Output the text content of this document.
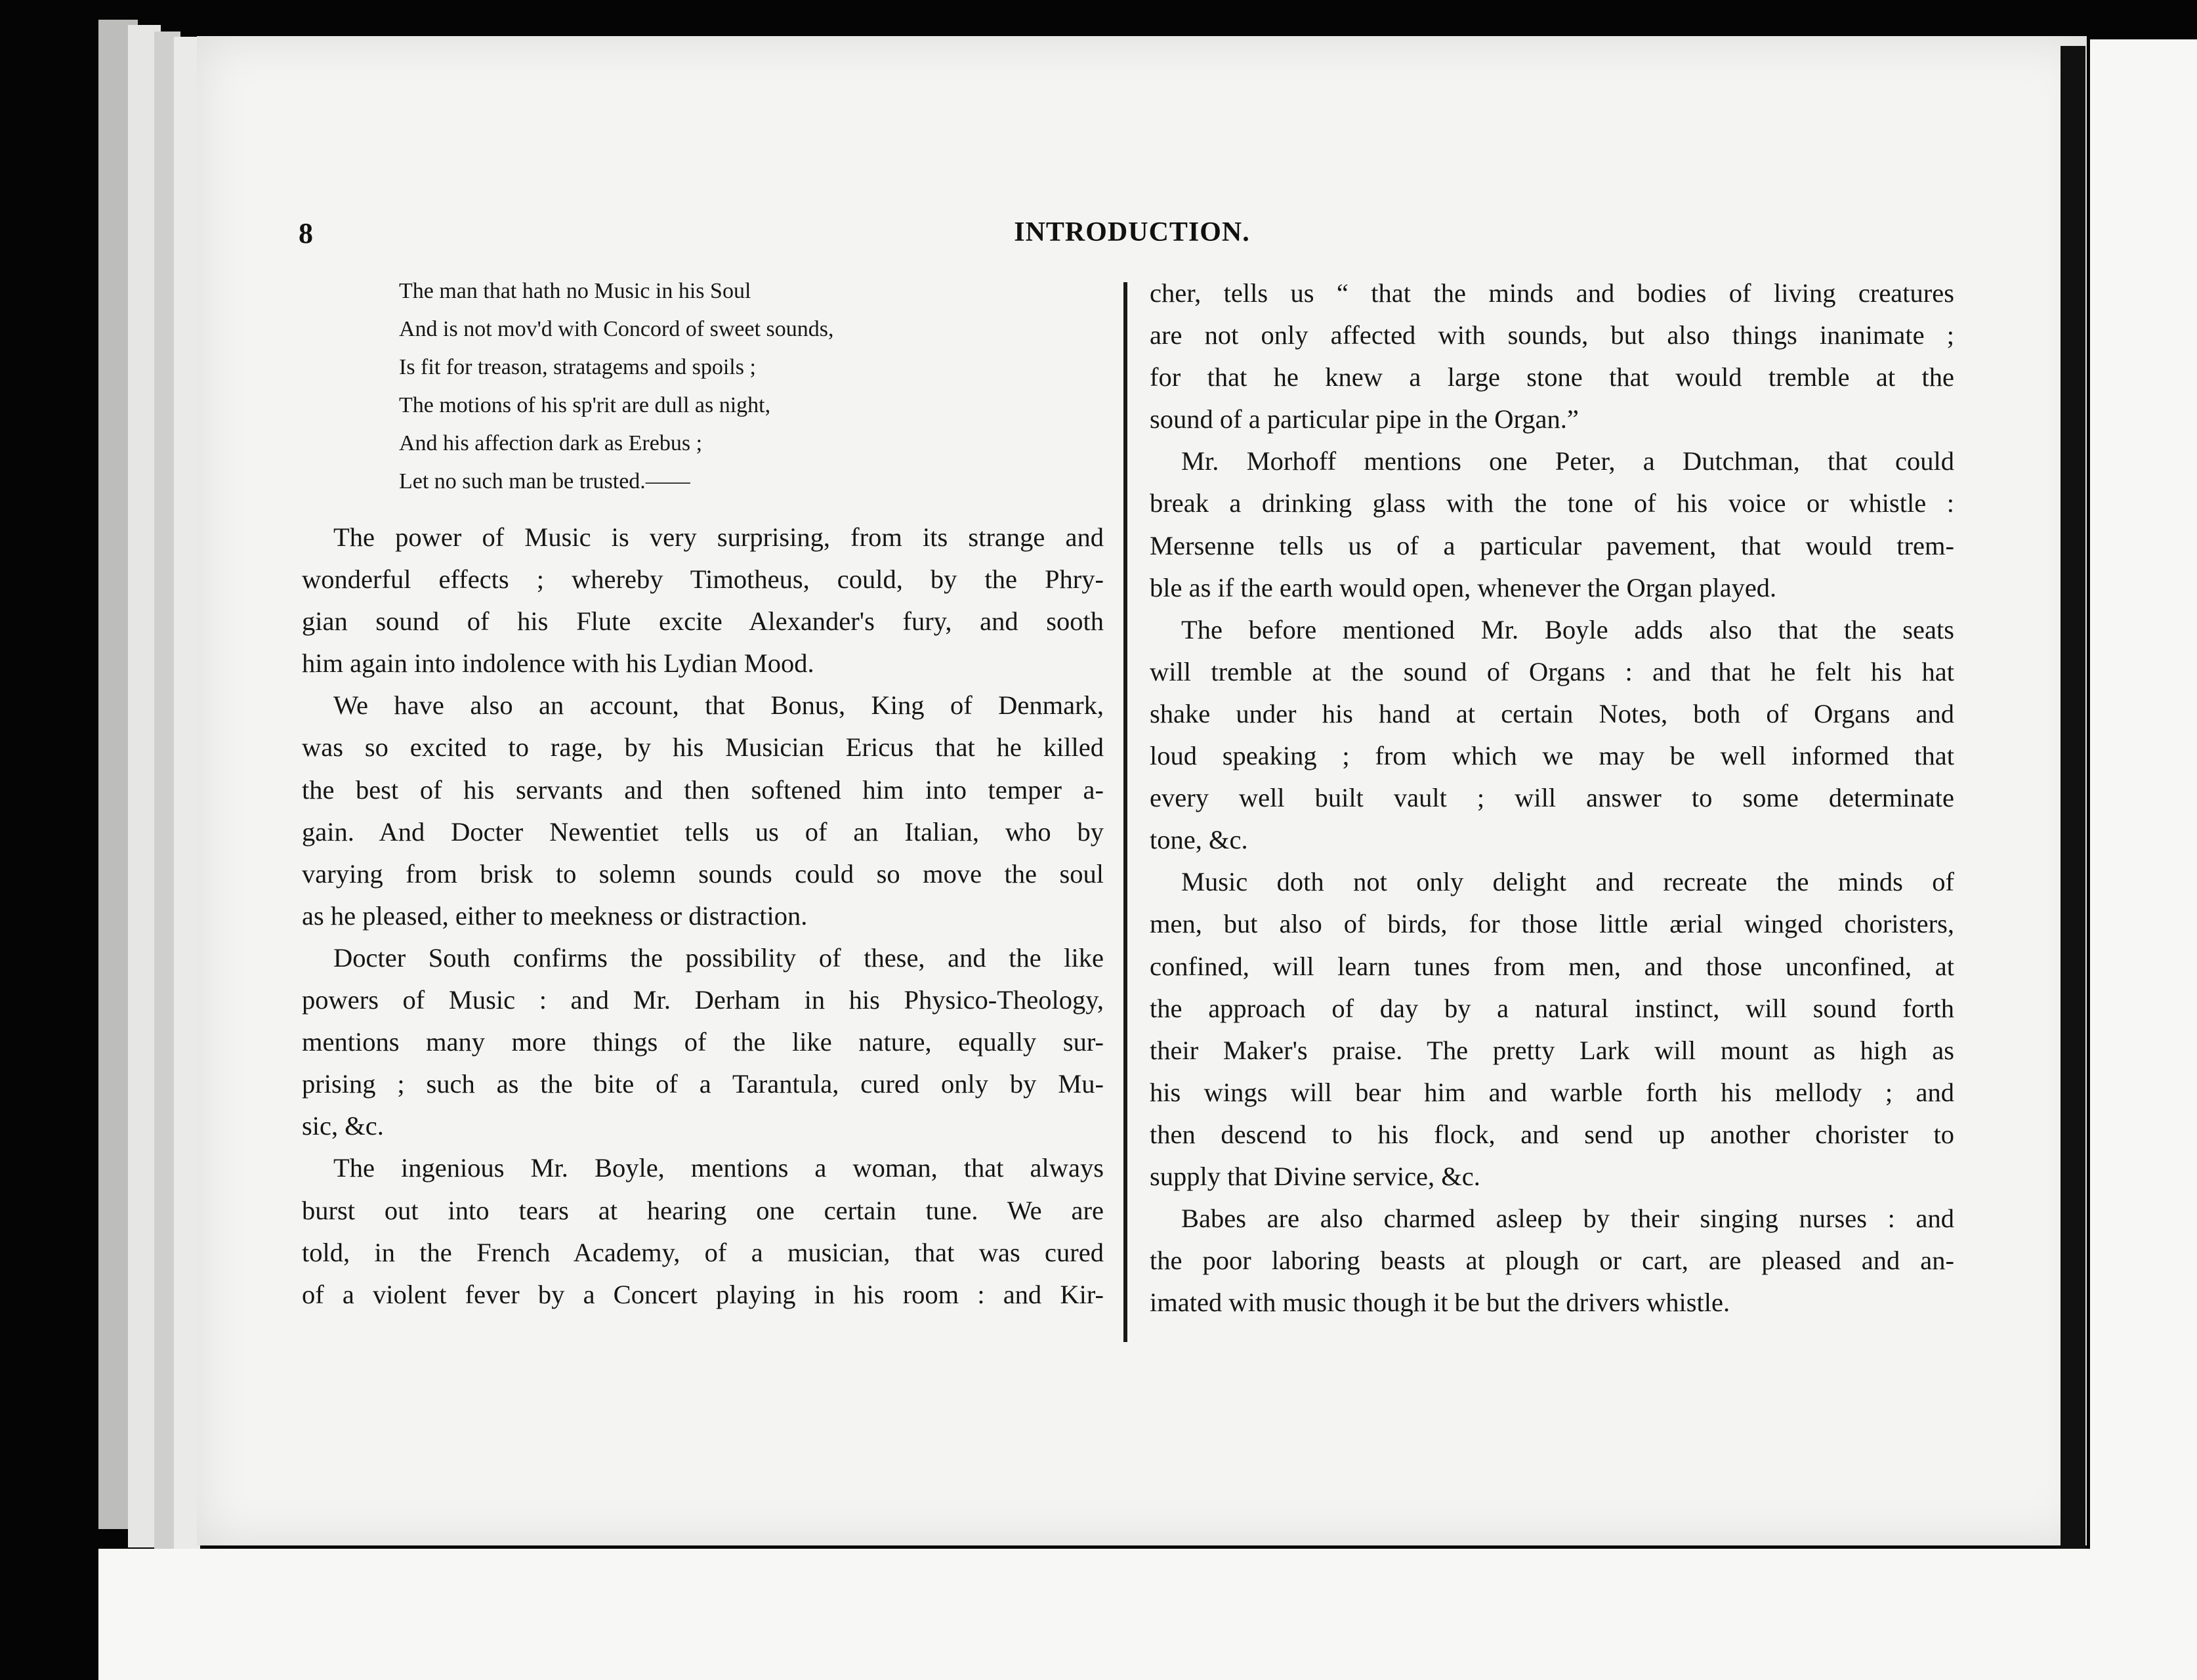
8	INTRODUCTION.
The man that hath no Music in his Soul
And is not mov'd with Concord of sweet sounds,
Is fit for treason, stratagems and spoils ;
The motions of his sp'rit are dull as night,
And his affection dark as Erebus ;
Let no such man be trusted.——
The power of Music is very surprising, from its strange and
wonderful effects ; whereby Timotheus, could, by the Phry-
gian sound of his Flute excite Alexander's fury, and sooth
him again into indolence with his Lydian Mood.
We have also an account, that Bonus, King of Denmark,
was so excited to rage, by his Musician Ericus that he killed
the best of his servants and then softened him into temper a-
gain. And Docter Newentiet tells us of an Italian, who by
varying from brisk to solemn sounds could so move the soul
as he pleased, either to meekness or distraction.
Docter South confirms the possibility of these, and the like
powers of Music : and Mr. Derham in his Physico-Theology,
mentions many more things of the like nature, equally sur-
prising ; such as the bite of a Tarantula, cured only by Mu-
sic, &c.
The ingenious Mr. Boyle, mentions a woman, that always
burst out into tears at hearing one certain tune. We are
told, in the French Academy, of a musician, that was cured
of a violent fever by a Concert playing in his room : and Kir-
cher, tells us “ that the minds and bodies of living creatures
are not only affected with sounds, but also things inanimate ;
for that he knew a large stone that would tremble at the
sound of a particular pipe in the Organ.”
Mr. Morhoff mentions one Peter, a Dutchman, that could
break a drinking glass with the tone of his voice or whistle :
Mersenne tells us of a particular pavement, that would trem-
ble as if the earth would open, whenever the Organ played.
The before mentioned Mr. Boyle adds also that the seats
will tremble at the sound of Organs : and that he felt his hat
shake under his hand at certain Notes, both of Organs and
loud speaking ; from which we may be well informed that
every well built vault ; will answer to some determinate
tone, &c.
Music doth not only delight and recreate the minds of
men, but also of birds, for those little ærial winged choristers,
confined, will learn tunes from men, and those unconfined, at
the approach of day by a natural instinct, will sound forth
their Maker's praise. The pretty Lark will mount as high as
his wings will bear him and warble forth his mellody ; and
then descend to his flock, and send up another chorister to
supply that Divine service, &c.
Babes are also charmed asleep by their singing nurses : and
the poor laboring beasts at plough or cart, are pleased and an-
imated with music though it be but the drivers whistle.
